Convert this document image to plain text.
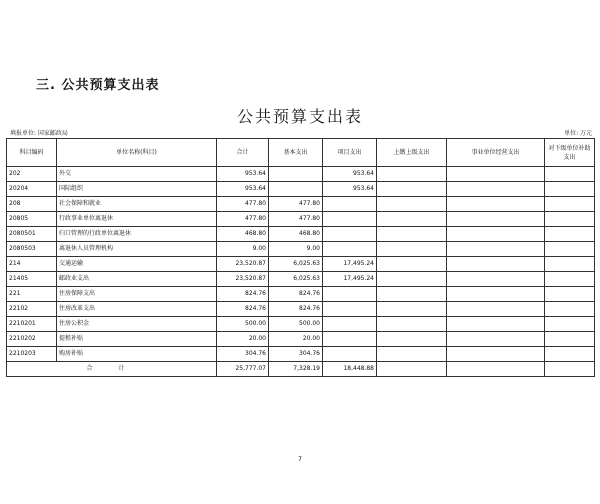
三. 公共预算支出表
公共预算支出表
填报单位: 国家邮政局	单位: 万元
科目编码	单位名称(科目)	合计	基本支出	项目支出	上缴上级支出	事业单位经营支出	对下级单位补助支出
202	外交	953.64		953.64			
20204	国际组织	953.64		953.64			
208	社会保障和就业	477.80	477.80				
20805	行政事业单位离退休	477.80	477.80				
2080501	归口管理的行政单位离退休	468.80	468.80				
2080503	离退休人员管理机构	9.00	9.00				
214	交通运输	23,520.87	6,025.63	17,495.24			
21405	邮政业支出	23,520.87	6,025.63	17,495.24			
221	住房保障支出	824.76	824.76				
22102	住房改革支出	824.76	824.76				
2210201	住房公积金	500.00	500.00				
2210202	提租补贴	20.00	20.00				
2210203	购房补贴	304.76	304.76				
合 计		25,777.07	7,328.19	18,448.88			
7
